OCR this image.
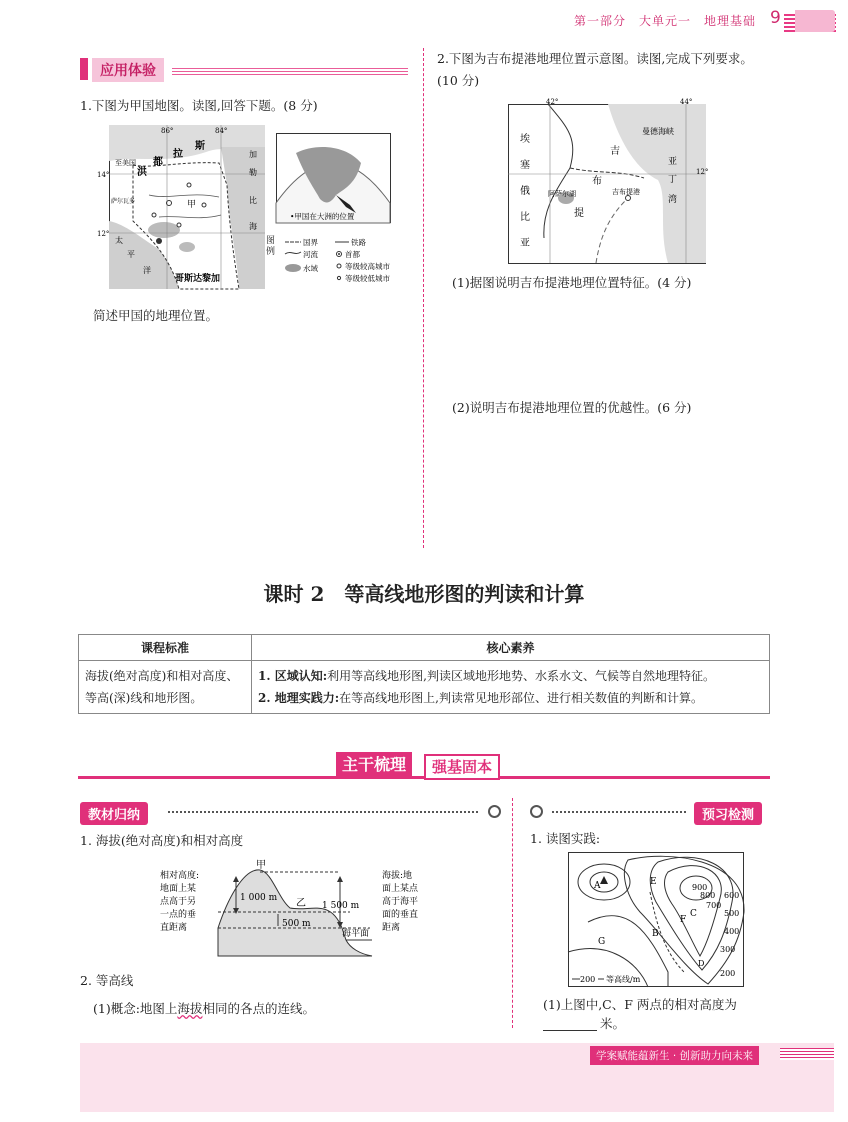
第一部分　大单元一　地理基础 9
应用体验
1.下图为甲国地图。读图,回答下题。(8 分)
86°	84°
14°
12°
至美国 都
拉
斯
洪
加
勒
比
海
甲
太
平
洋
哥斯达黎加
萨尔瓦多
•甲国在大洲的位置
图例
国界	铁路
河流	首都
水域	等级较高城市
等级较低城市
简述甲国的地理位置。
2.下图为吉布提港地理位置示意图。读图,完成下列要求。(10 分)
42°	44°
12°
埃
塞
俄
比
亚
吉
布
提
曼德海峡
亚
丁
湾
阿萨尔湖	吉布提港
(1)据图说明吉布提港地理位置特征。(4 分)
(2)说明吉布提港地理位置的优越性。(6 分)
课时 2　等高线地形图的判读和计算
课程标准	核心素养
海拔(绝对高度)和相对高度、等高(深)线和地形图。	1. 区域认知:利用等高线地形图,判读区域地形地势、水系水文、气候等自然地理特征。
2. 地理实践力:在等高线地形图上,判读常见地形部位、进行相关数值的判断和计算。
主干梳理	强基固本
教材归纳
1. 海拔(绝对高度)和相对高度
甲
乙
1 000 m
1 500 m
500 m
海平面
相对高度:
地面上某
点高于另
一点的垂
直距离
海拔:地
面上某点
高于海平
面的垂直
距离
2. 等高线
(1)概念:地图上海拔相同的各点的连线。
预习检测
1. 读图实践:
A	E
900
800 600
700
C	500
F
B	400
G
300
D
200
200 等高线/m
(1)上图中,C、F 两点的相对高度为
米。
学案赋能蕴新生 · 创新助力向未来
